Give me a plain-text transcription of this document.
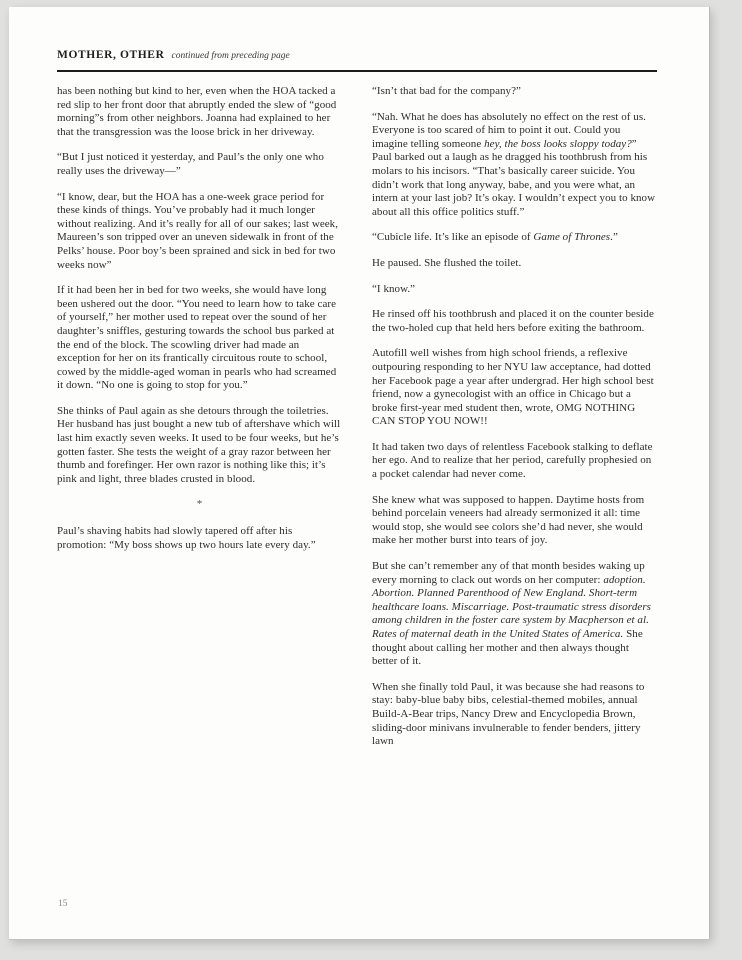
MOTHER, OTHER continued from preceding page

has been nothing but kind to her, even when the HOA tacked a red slip to her front door that abruptly ended the slew of “good morning”s from other neighbors. Joanna had explained to her that the transgression was the loose brick in her driveway.

“But I just noticed it yesterday, and Paul’s the only one who really uses the driveway—”

“I know, dear, but the HOA has a one-week grace period for these kinds of things. You’ve probably had it much longer without realizing. And it’s really for all of our sakes; last week, Maureen’s son tripped over an uneven sidewalk in front of the Pelks’ house. Poor boy’s been sprained and sick in bed for two weeks now”

If it had been her in bed for two weeks, she would have long been ushered out the door. “You need to learn how to take care of yourself,” her mother used to repeat over the sound of her daughter’s sniffles, gesturing towards the school bus parked at the end of the block. The scowling driver had made an exception for her on its frantically circuitous route to school, cowed by the middle-aged woman in pearls who had screamed it down. “No one is going to stop for you.”

She thinks of Paul again as she detours through the toiletries. Her husband has just bought a new tub of aftershave which will last him exactly seven weeks. It used to be four weeks, but he’s gotten faster. She tests the weight of a gray razor between her thumb and forefinger. Her own razor is nothing like this; it’s pink and light, three blades crusted in blood.

*

Paul’s shaving habits had slowly tapered off after his promotion: “My boss shows up two hours late every day.”

“Isn’t that bad for the company?”

“Nah. What he does has absolutely no effect on the rest of us. Everyone is too scared of him to point it out. Could you imagine telling someone hey, the boss looks sloppy today?” Paul barked out a laugh as he dragged his toothbrush from his molars to his incisors. “That’s basically career suicide. You didn’t work that long anyway, babe, and you were what, an intern at your last job? It’s okay. I wouldn’t expect you to know about all this office politics stuff.”

“Cubicle life. It’s like an episode of Game of Thrones.”

He paused. She flushed the toilet.

“I know.”

He rinsed off his toothbrush and placed it on the counter beside the two-holed cup that held hers before exiting the bathroom.

Autofill well wishes from high school friends, a reflexive outpouring responding to her NYU law acceptance, had dotted her Facebook page a year after undergrad. Her high school best friend, now a gynecologist with an office in Chicago but a broke first-year med student then, wrote, OMG NOTHING CAN STOP YOU NOW!!

It had taken two days of relentless Facebook stalking to deflate her ego. And to realize that her period, carefully prophesied on a pocket calendar had never come.

She knew what was supposed to happen. Daytime hosts from behind porcelain veneers had already sermonized it all: time would stop, she would see colors she’d had never, she would make her mother burst into tears of joy.

But she can’t remember any of that month besides waking up every morning to clack out words on her computer: adoption. Abortion. Planned Parenthood of New England. Short-term healthcare loans. Miscarriage. Post-traumatic stress disorders among children in the foster care system by Macpherson et al. Rates of maternal death in the United States of America. She thought about calling her mother and then always thought better of it.

When she finally told Paul, it was because she had reasons to stay: baby-blue baby bibs, celestial-themed mobiles, annual Build-A-Bear trips, Nancy Drew and Encyclopedia Brown, sliding-door minivans invulnerable to fender benders, jittery lawn

15
